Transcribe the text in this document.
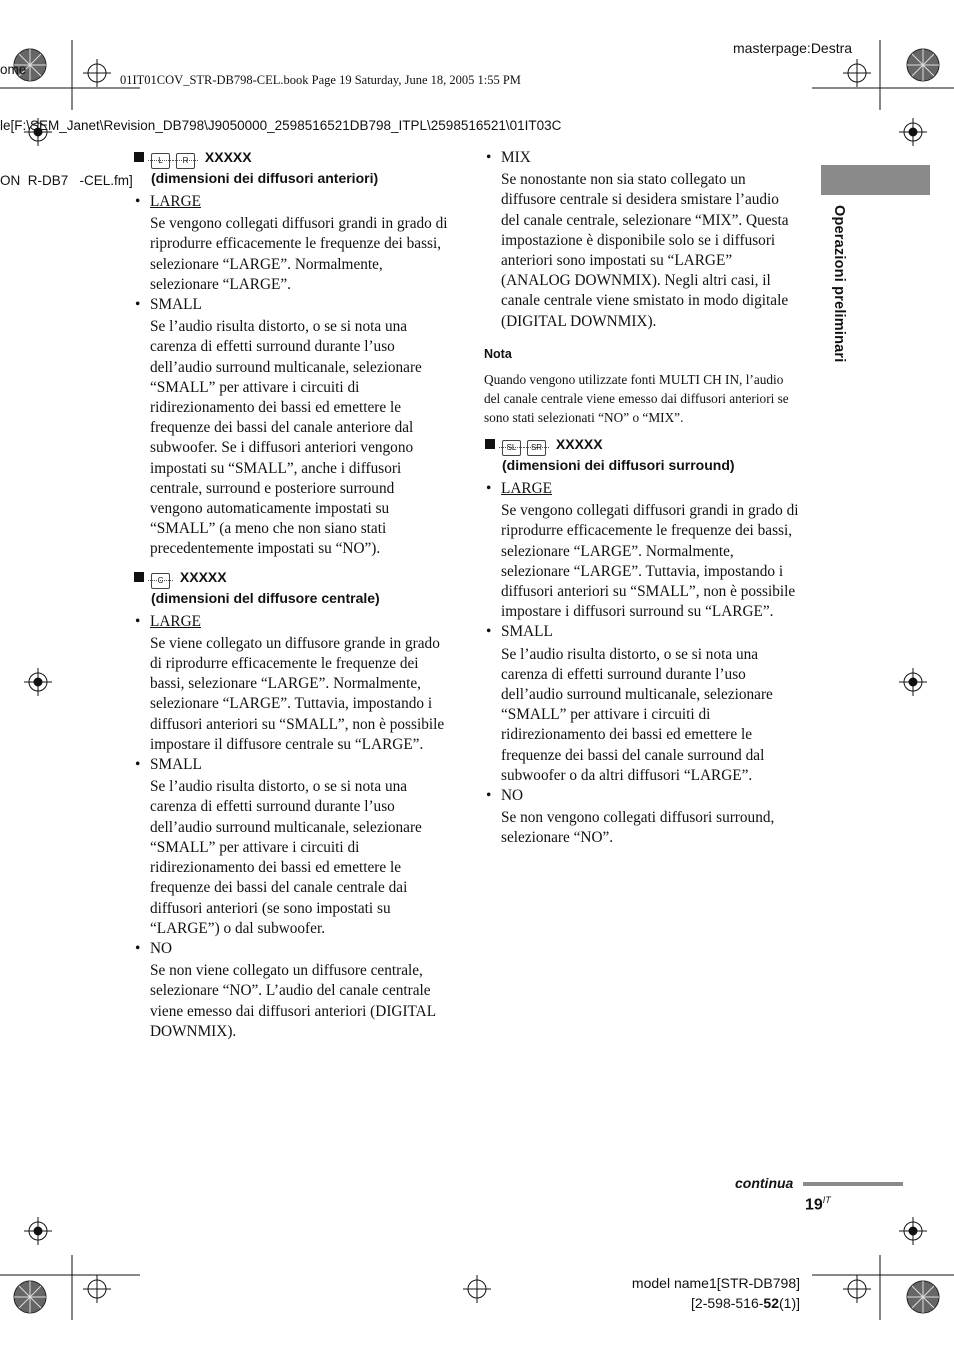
ome

le[F:\SEM_Janet\Revision_DB798\J9050000_2598516521DB798_ITPL\2598516521\01IT03C

ON  R-DB7   -CEL.fm]

01IT01COV_STR-DB798-CEL.book Page 19 Saturday, June 18, 2005 1:55 PM
masterpage:Destra
Operazioni preliminari
L R XXXXX
(dimensioni dei diffusori anteriori)
• LARGE

Se vengono collegati diffusori grandi in grado di riprodurre efficacemente le frequenze dei bassi, selezionare “LARGE”. Normalmente, selezionare “LARGE”.

• SMALL

Se l’audio risulta distorto, o se si nota una carenza di effetti surround durante l’uso dell’audio surround multicanale, selezionare “SMALL” per attivare i circuiti di ridirezionamento dei bassi ed emettere le frequenze dei bassi del canale anteriore dal subwoofer. Se i diffusori anteriori vengono impostati su “SMALL”, anche i diffusori centrale, surround e posteriore surround vengono automaticamente impostati su “SMALL” (a meno che non siano stati precedentemente impostati su “NO”).

C XXXXX
(dimensioni del diffusore centrale)
• LARGE

Se viene collegato un diffusore grande in grado di riprodurre efficacemente le frequenze dei bassi, selezionare “LARGE”. Normalmente, selezionare “LARGE”. Tuttavia, impostando i diffusori anteriori su “SMALL”, non è possibile impostare il diffusore centrale su “LARGE”.

• SMALL

Se l’audio risulta distorto, o se si nota una carenza di effetti surround durante l’uso dell’audio surround multicanale, selezionare “SMALL” per attivare i circuiti di ridirezionamento dei bassi ed emettere le frequenze dei bassi del canale centrale dai diffusori anteriori (se sono impostati su “LARGE”) o dal subwoofer.

• NO

Se non viene collegato un diffusore centrale, selezionare “NO”. L’audio del canale centrale viene emesso dai diffusori anteriori (DIGITAL DOWNMIX).

• MIX

Se nonostante non sia stato collegato un diffusore centrale si desidera smistare l’audio del canale centrale, selezionare “MIX”. Questa impostazione è disponibile solo se i diffusori anteriori sono impostati su “LARGE” (ANALOG DOWNMIX). Negli altri casi, il canale centrale viene smistato in modo digitale (DIGITAL DOWNMIX).

Nota

Quando vengono utilizzate fonti MULTI CH IN, l’audio del canale centrale viene emesso dai diffusori anteriori se sono stati selezionati “NO” o “MIX”.

SL SR XXXXX
(dimensioni dei diffusori surround)
• LARGE

Se vengono collegati diffusori grandi in grado di riprodurre efficacemente le frequenze dei bassi, selezionare “LARGE”. Normalmente, selezionare “LARGE”. Tuttavia, impostando i diffusori anteriori su “SMALL”, non è possibile impostare i diffusori surround su “LARGE”.

• SMALL

Se l’audio risulta distorto, o se si nota una carenza di effetti surround durante l’uso dell’audio surround multicanale, selezionare “SMALL” per attivare i circuiti di ridirezionamento dei bassi ed emettere le frequenze dei bassi del canale surround dal subwoofer o da altri diffusori “LARGE”.

• NO

Se non vengono collegati diffusori surround, selezionare “NO”.

continua
$19^{IT}$
model name1[STR-DB798]
[2-598-516-52(1)]
